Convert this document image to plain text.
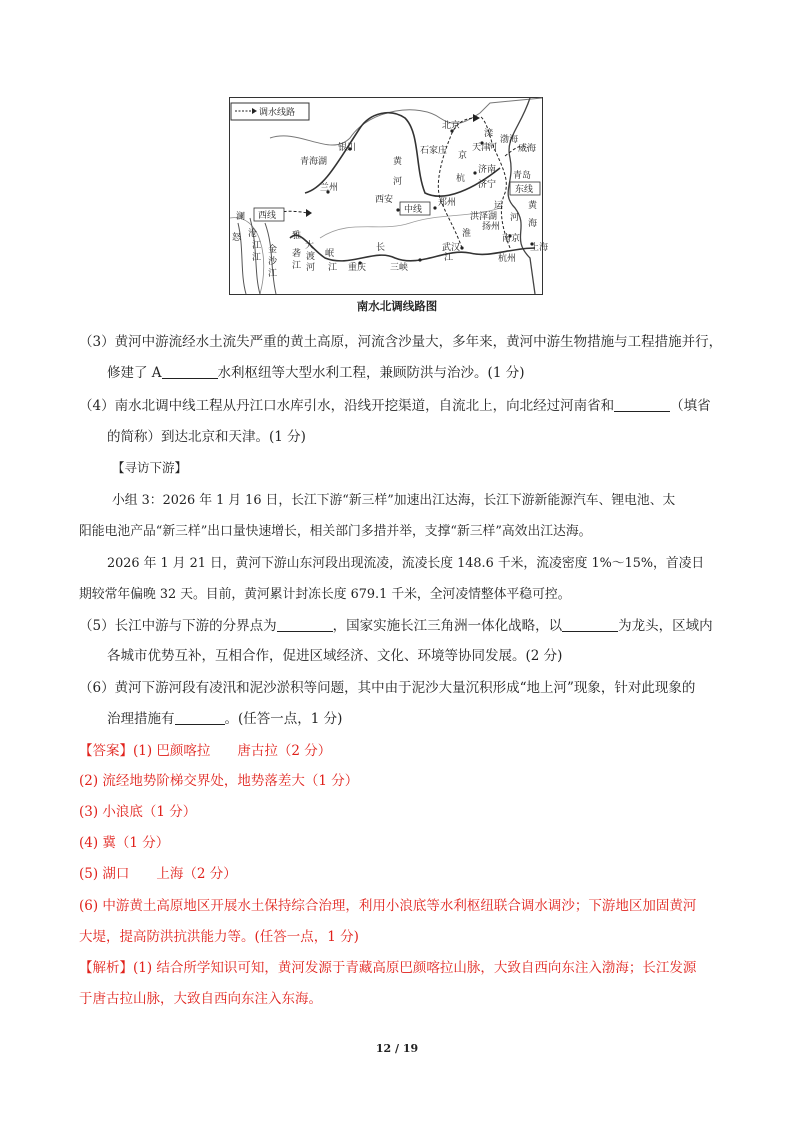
调水线路
滦
北京
河
天津
渤海
威海
银川
黄
河
石家庄 京
青海湖
兰州
济南
青岛
杭
济宁 东线
黄
海
西安
中线
郑州	运
洪泽湖 河
澜 西线
淮
扬州
怒 沧	雅
大	长	武汉
南京
上海
江 金 砻 渡 岷
三峡
江	杭州
江 沙 江 河 江 重庆
江
南水北调线路图
（3）黄河中游流经水土流失严重的黄土高原，河流含沙量大，多年来，黄河中游生物措施与工程措施并行，
修建了 A	水利枢纽等大型水利工程，兼顾防洪与治沙。(1 分)
（4）南水北调中线工程从丹江口水库引水，沿线开挖渠道，自流北上，向北经过河南省和	（填省
的简称）到达北京和天津。(1 分)
【寻访下游】
小组 3：2026 年 1 月 16 日，长江下游“新三样”加速出江达海，长江下游新能源汽车、锂电池、太
阳能电池产品“新三样”出口量快速增长，相关部门多措并举，支撑“新三样”高效出江达海。
2026 年 1 月 21 日，黄河下游山东河段出现流凌，流凌长度 148.6 千米，流凌密度 1%～15%，首凌日
期较常年偏晚 32 天。目前，黄河累计封冻长度 679.1 千米，全河凌情整体平稳可控。
（5）长江中游与下游的分界点为	，国家实施长江三角洲一体化战略，以	为龙头，区域内
各城市优势互补，互相合作，促进区域经济、文化、环境等协同发展。(2 分)
（6）黄河下游河段有凌汛和泥沙淤积等问题，其中由于泥沙大量沉积形成“地上河”现象，针对此现象的
治理措施有	。(任答一点，1 分)
【答案】(1) 巴颜喀拉　　唐古拉（2 分）
(2) 流经地势阶梯交界处，地势落差大（1 分）
(3) 小浪底（1 分）
(4) 冀（1 分）
(5) 湖口　　上海（2 分）
(6) 中游黄土高原地区开展水土保持综合治理，利用小浪底等水利枢纽联合调水调沙；下游地区加固黄河
大堤，提高防洪抗洪能力等。(任答一点，1 分)
【解析】(1) 结合所学知识可知，黄河发源于青藏高原巴颜喀拉山脉，大致自西向东注入渤海；长江发源
于唐古拉山脉，大致自西向东注入东海。
12 / 19
